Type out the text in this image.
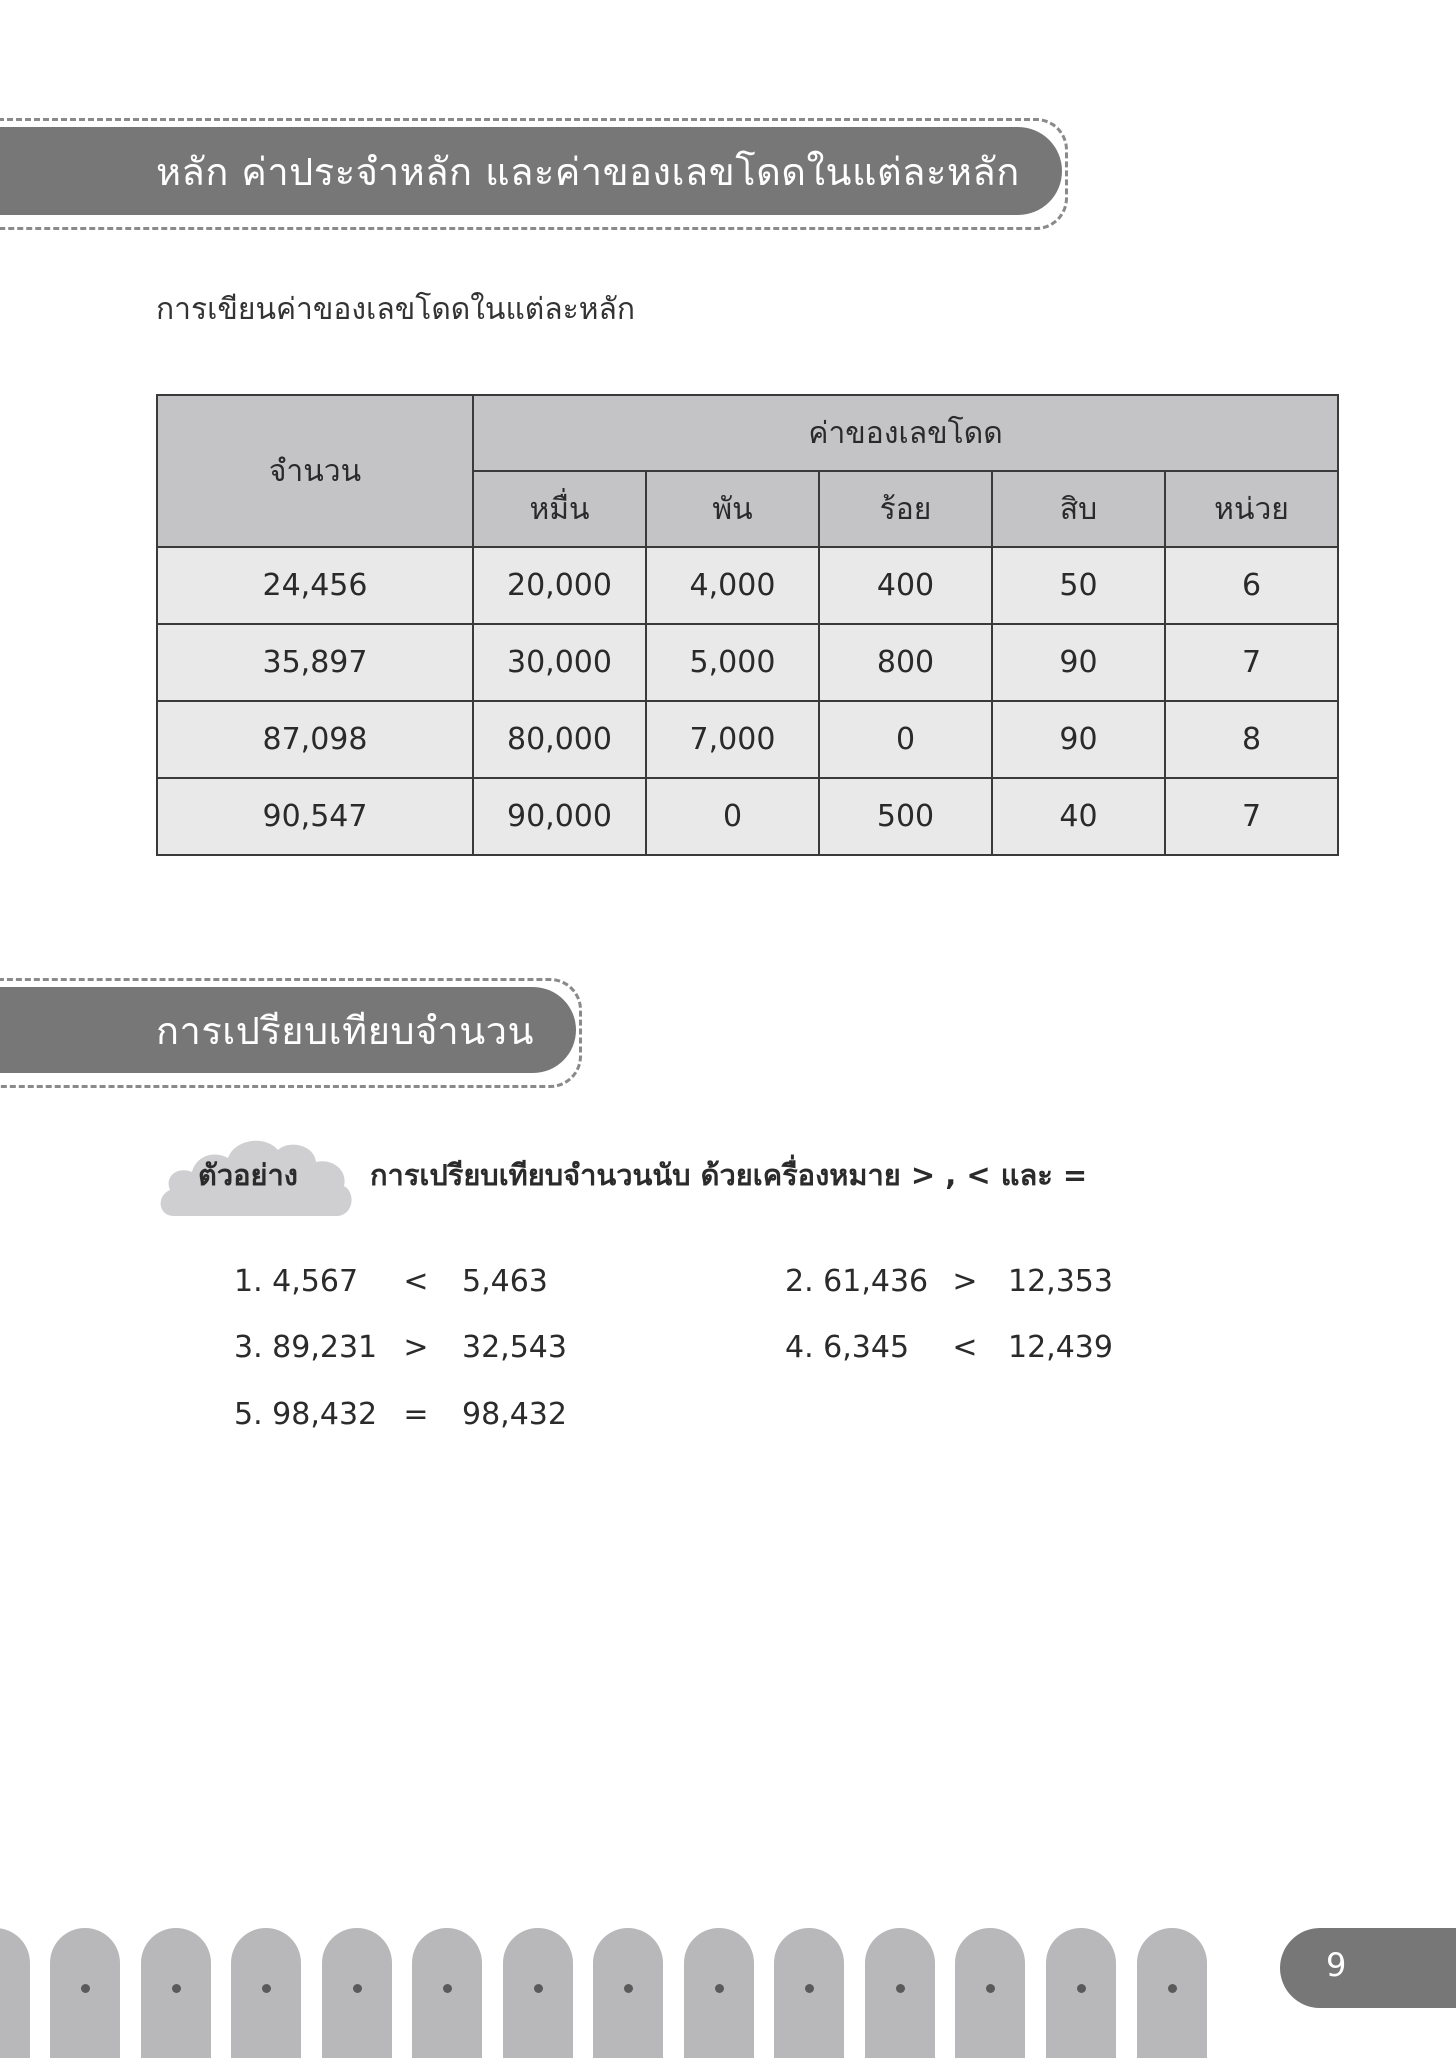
หลัก ค่าประจำหลัก และค่าของเลขโดดในแต่ละหลัก
การเขียนค่าของเลขโดดในแต่ละหลัก
จำนวน	ค่าของเลขโดด				
	หมื่น	พัน	ร้อย	สิบ	หน่วย
24,456	20,000	4,000	400	50	6
35,897	30,000	5,000	800	90	7
87,098	80,000	7,000	0	90	8
90,547	90,000	0	500	40	7
การเปรียบเทียบจำนวน
ตัวอย่าง การเปรียบเทียบจำนวนนับ ด้วยเครื่องหมาย > , < และ =
1. 4,567 < 5,463	2. 61,436 > 12,353
3. 89,231 > 32,543	4. 6,345 < 12,439
5. 98,432 = 98,432
9
